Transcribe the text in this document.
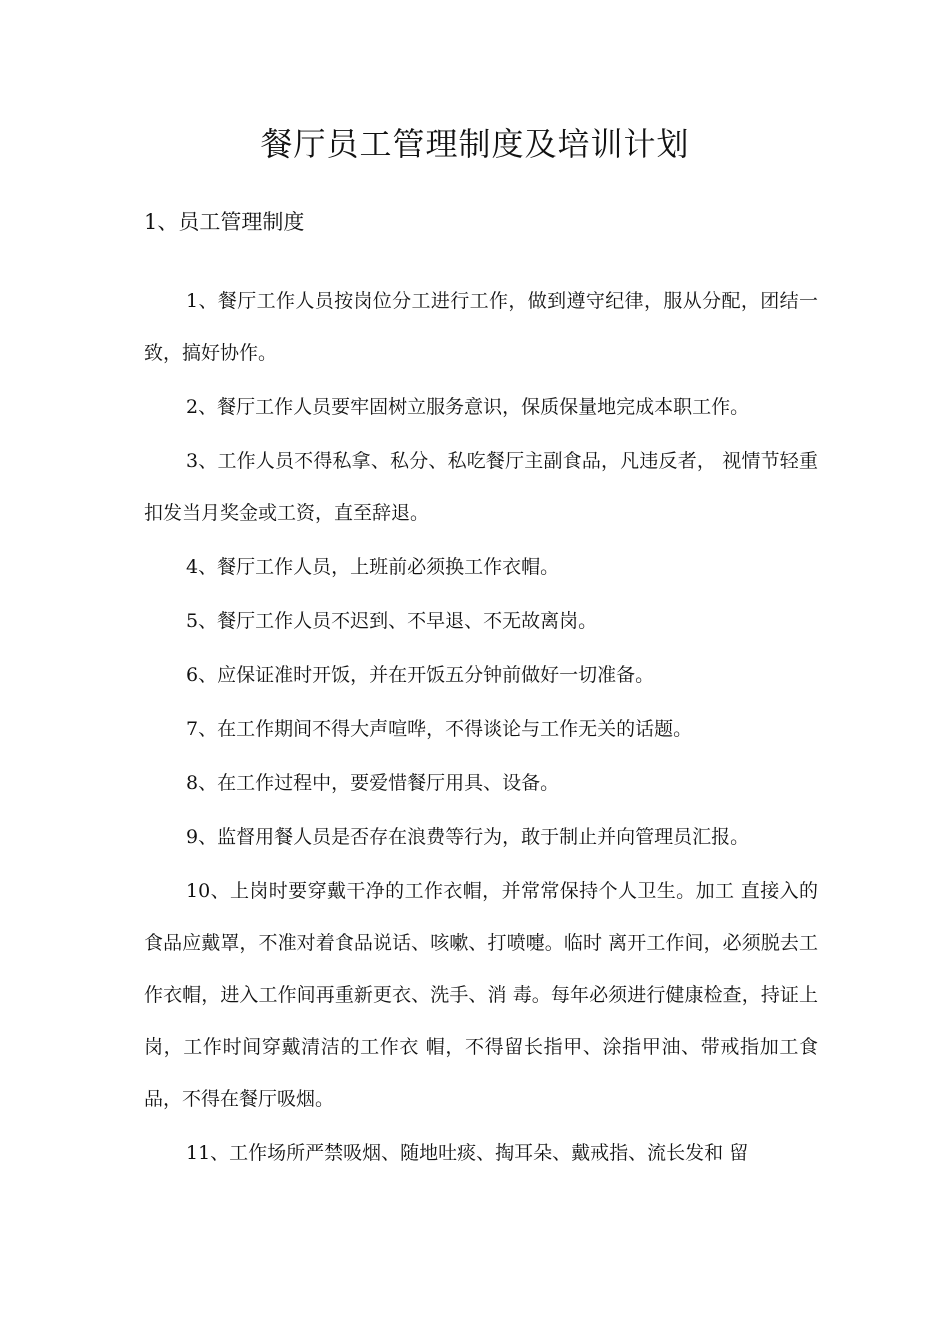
餐厅员工管理制度及培训计划
1、员工管理制度

1、餐厅工作人员按岗位分工进行工作，做到遵守纪律，服从分配，团结一致，搞好协作。

2、餐厅工作人员要牢固树立服务意识，保质保量地完成本职工作。

3、工作人员不得私拿、私分、私吃餐厅主副食品，凡违反者， 视情节轻重扣发当月奖金或工资，直至辞退。

4、餐厅工作人员，上班前必须换工作衣帽。

5、餐厅工作人员不迟到、不早退、不无故离岗。

6、应保证准时开饭，并在开饭五分钟前做好一切准备。

7、在工作期间不得大声喧哗，不得谈论与工作无关的话题。

8、在工作过程中，要爱惜餐厅用具、设备。

9、监督用餐人员是否存在浪费等行为，敢于制止并向管理员汇报。

10、上岗时要穿戴干净的工作衣帽，并常常保持个人卫生。加工 直接入的食品应戴罩，不准对着食品说话、咳嗽、打喷嚏。临时 离开工作间，必须脱去工作衣帽，进入工作间再重新更衣、洗手、消 毒。每年必须进行健康检查，持证上岗，工作时间穿戴清洁的工作衣 帽，不得留长指甲、涂指甲油、带戒指加工食品，不得在餐厅吸烟。

11、工作场所严禁吸烟、随地吐痰、掏耳朵、戴戒指、流长发和 留
